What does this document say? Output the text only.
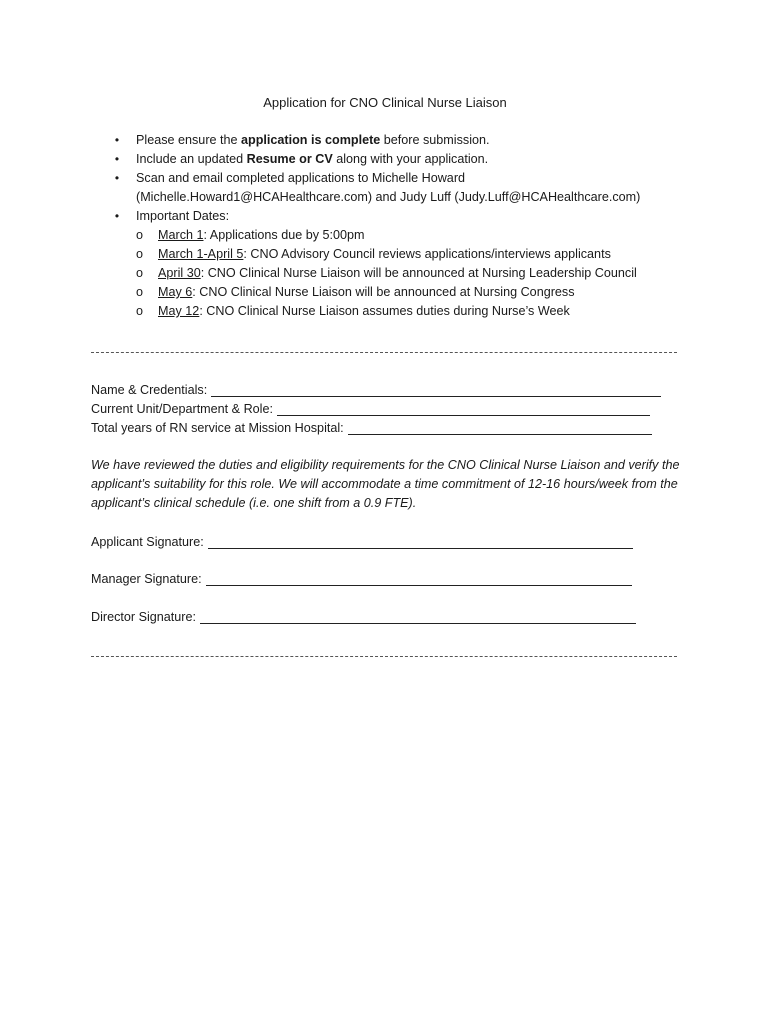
Application for CNO Clinical Nurse Liaison
•	Please ensure the application is complete before submission.
•	Include an updated Resume or CV along with your application.
•	Scan and email completed applications to Michelle Howard
(Michelle.Howard1@HCAHealthcare.com) and Judy Luff (Judy.Luff@HCAHealthcare.com)
•	Important Dates:
o March 1: Applications due by 5:00pm
o March 1-April 5: CNO Advisory Council reviews applications/interviews applicants
o April 30: CNO Clinical Nurse Liaison will be announced at Nursing Leadership Council
o May 6: CNO Clinical Nurse Liaison will be announced at Nursing Congress
o May 12: CNO Clinical Nurse Liaison assumes duties during Nurse’s Week
Name & Credentials:
Current Unit/Department & Role:
Total years of RN service at Mission Hospital:
We have reviewed the duties and eligibility requirements for the CNO Clinical Nurse Liaison and verify the applicant’s suitability for this role. We will accommodate a time commitment of 12-16 hours/week from the applicant’s clinical schedule (i.e. one shift from a 0.9 FTE).
Applicant Signature:
Manager Signature:
Director Signature:
